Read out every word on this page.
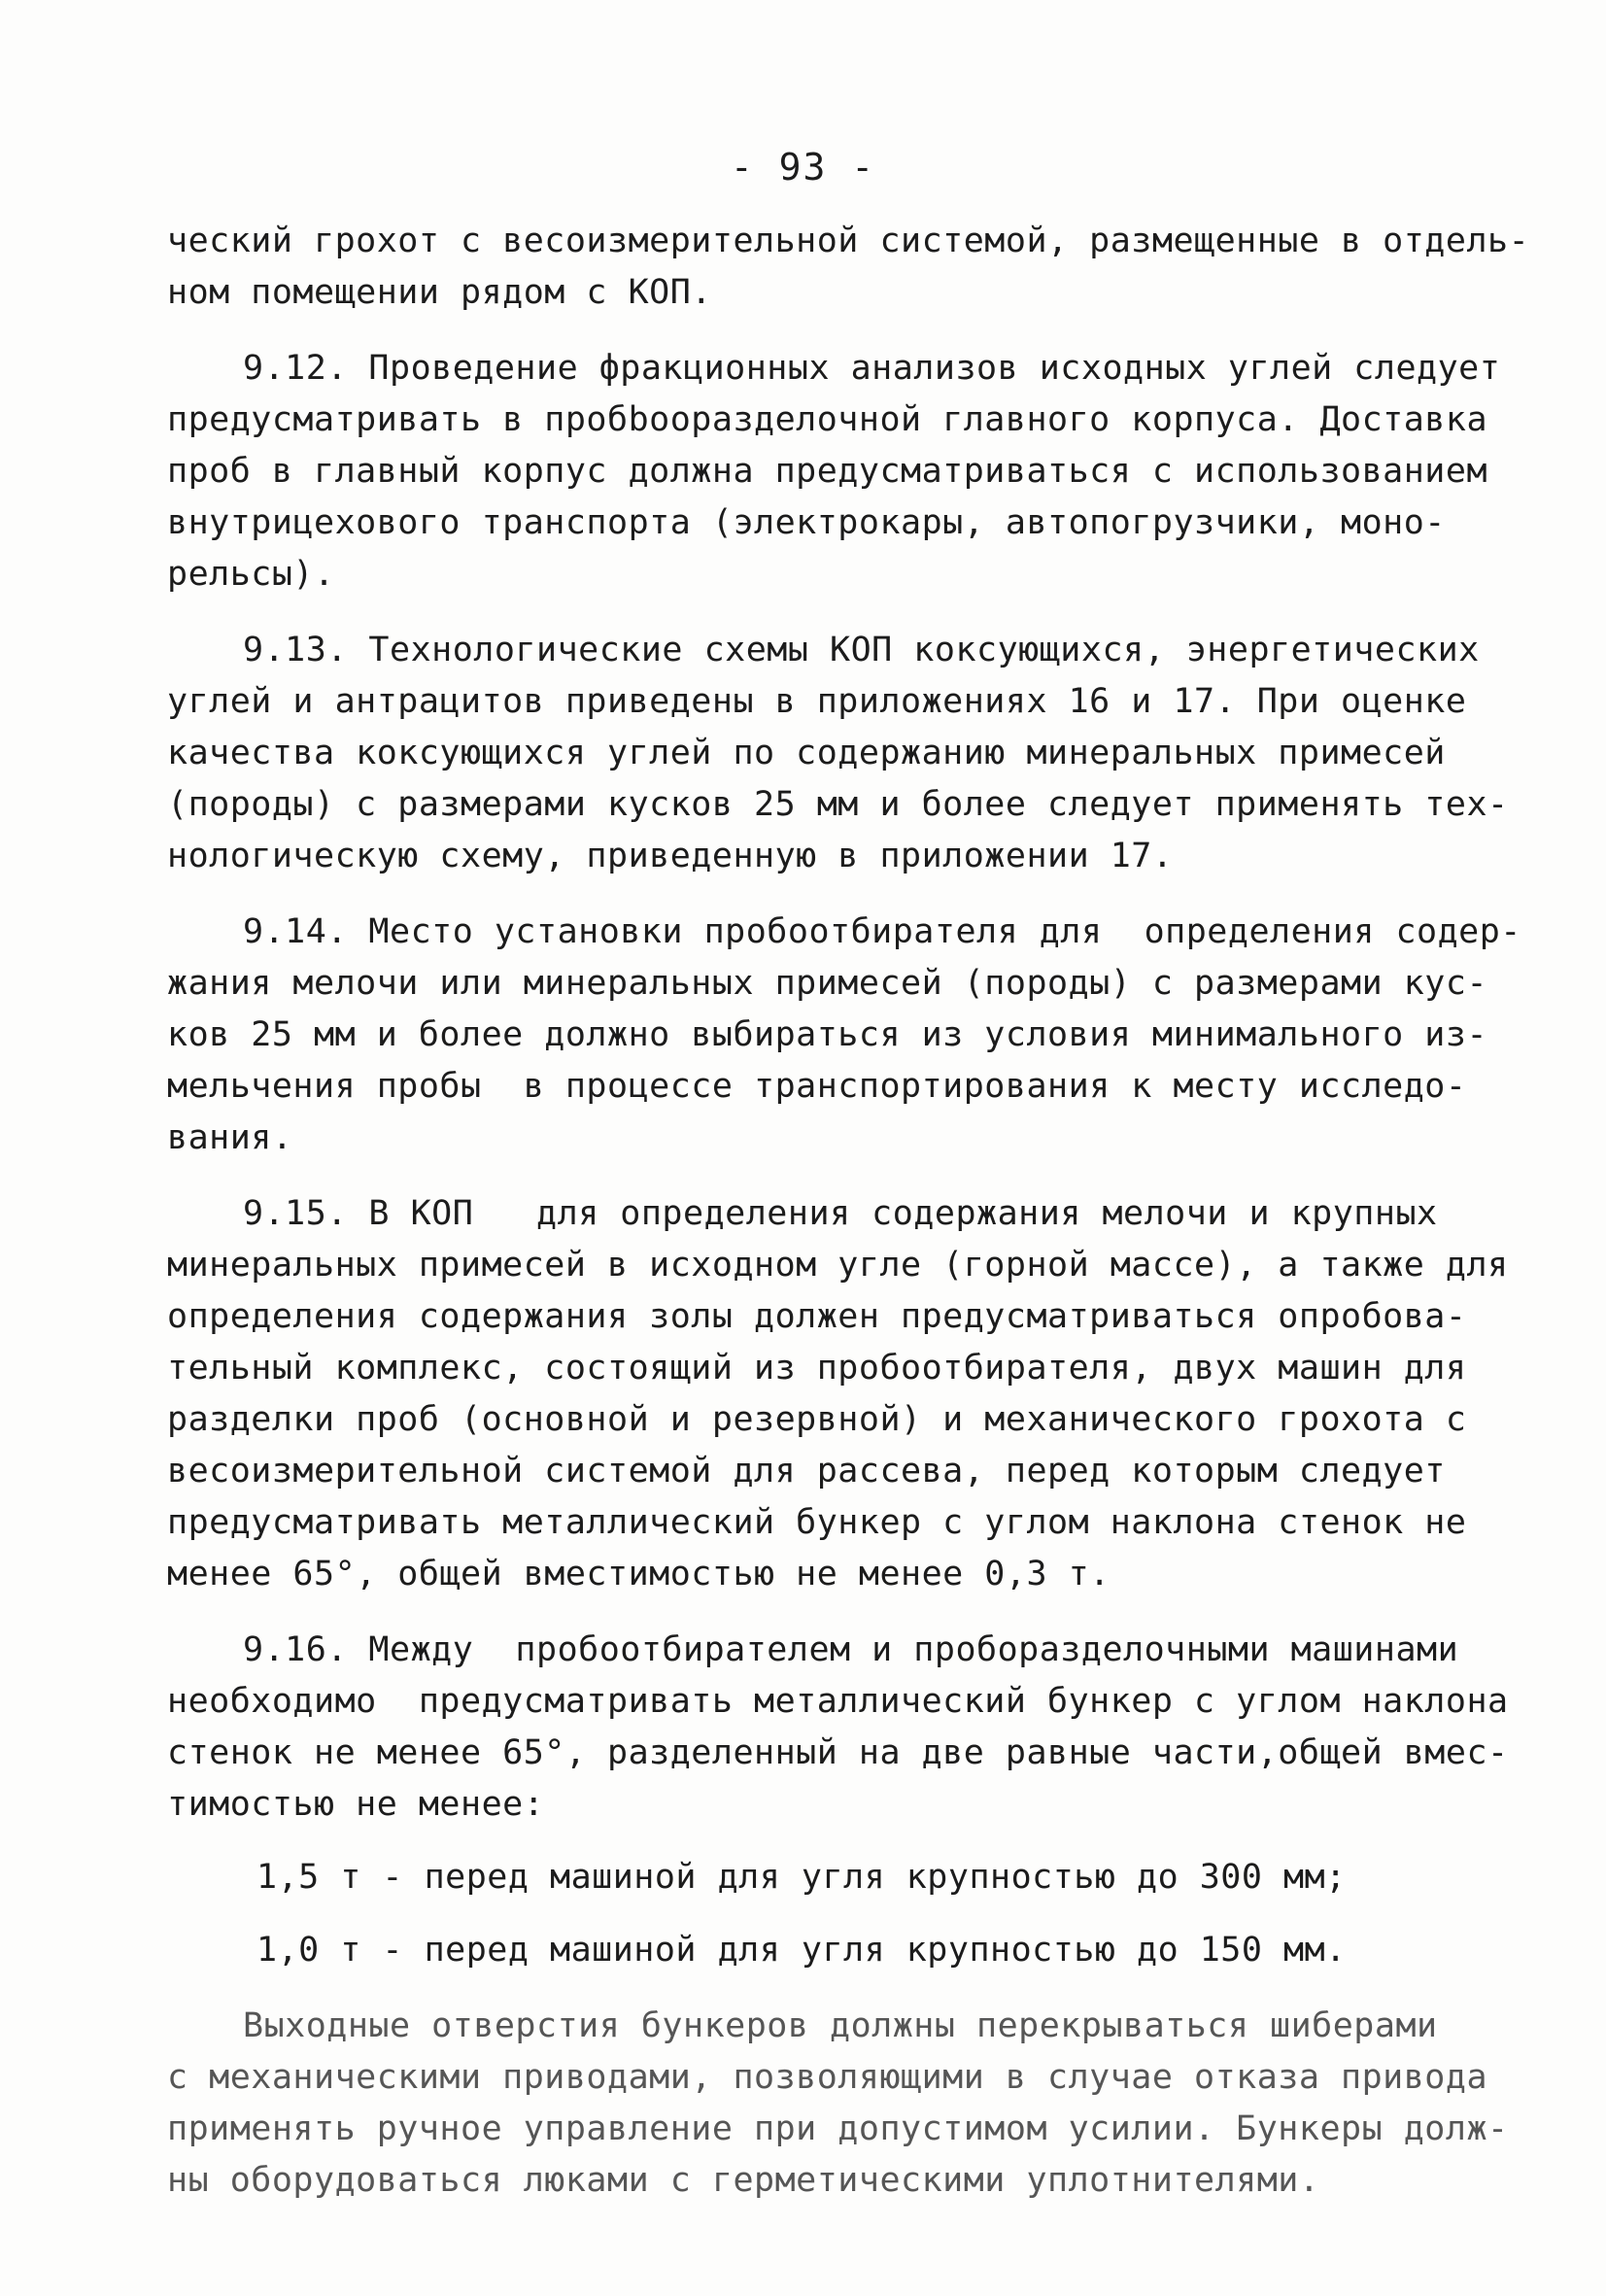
- 93 -
ческий грохот с весоизмерительной системой, размещенные в отдель-
ном помещении рядом с КОП.
9.12. Проведение фракционных анализов исходных углей следует
предусматривать в пробbooразделочной главного корпуса. Доставка
проб в главный корпус должна предусматриваться с использованием
внутрицехового транспорта (электрокары, автопогрузчики, моно-
рельсы).
9.13. Технологические схемы КОП коксующихся, энергетических
углей и антрацитов приведены в приложениях 16 и 17. При оценке
качества коксующихся углей по содержанию минеральных примесей
(породы) с размерами кусков 25 мм и более следует применять тех-
нологическую схему, приведенную в приложении 17.
9.14. Место установки пробоотбирателя для  определения содер-
жания мелочи или минеральных примесей (породы) с размерами кус-
ков 25 мм и более должно выбираться из условия минимального из-
мельчения пробы  в процессе транспортирования к месту исследо-
вания.
9.15. В КОП   для определения содержания мелочи и крупных
минеральных примесей в исходном угле (горной массе), а также для
определения содержания золы должен предусматриваться опробова-
тельный комплекс, состоящий из пробоотбирателя, двух машин для
разделки проб (основной и резервной) и механического грохота с
весоизмерительной системой для рассева, перед которым следует
предусматривать металлический бункер с углом наклона стенок не
менее 65°, общей вместимостью не менее 0,3 т.
9.16. Между  пробоотбирателем и проборазделочными машинами
необходимо  предусматривать металлический бункер с углом наклона
стенок не менее 65°, разделенный на две равные части,общей вмес-
тимостью не менее:
1,5 т - перед машиной для угля крупностью до 300 мм;
1,0 т - перед машиной для угля крупностью до 150 мм.
Выходные отверстия бункеров должны перекрываться шиберами
с механическими приводами, позволяющими в случае отказа привода
применять ручное управление при допустимом усилии. Бункеры долж-
ны оборудоваться люками с герметическими уплотнителями.
